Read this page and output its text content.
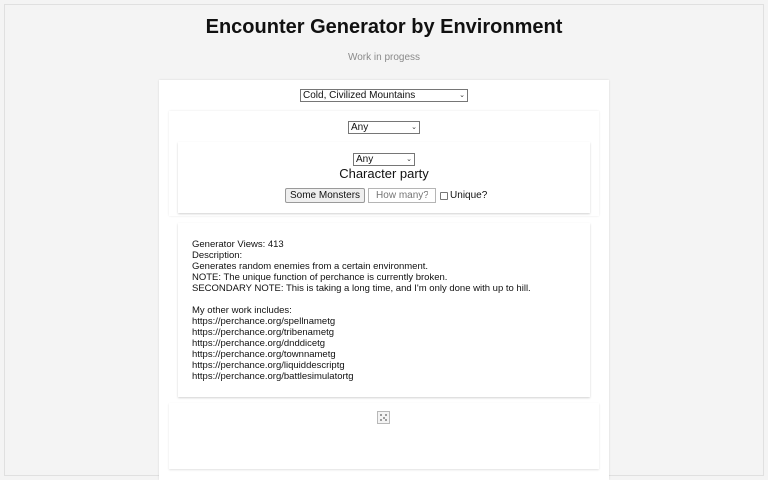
Encounter Generator by Environment
Work in progess
Cold, Civilized Mountains	⌄
Any	⌄
Any	⌄
Character party
Some Monsters
How many?	Unique?
Generator Views: 413
Description:
Generates random enemies from a certain environment.
NOTE: The unique function of perchance is currently broken.
SECONDARY NOTE: This is taking a long time, and I'm only done with up to hill.
My other work includes:
https://perchance.org/spellnametg
https://perchance.org/tribenametg
https://perchance.org/dnddicetg
https://perchance.org/townnametg
https://perchance.org/liquiddescriptg
https://perchance.org/battlesimulatortg
